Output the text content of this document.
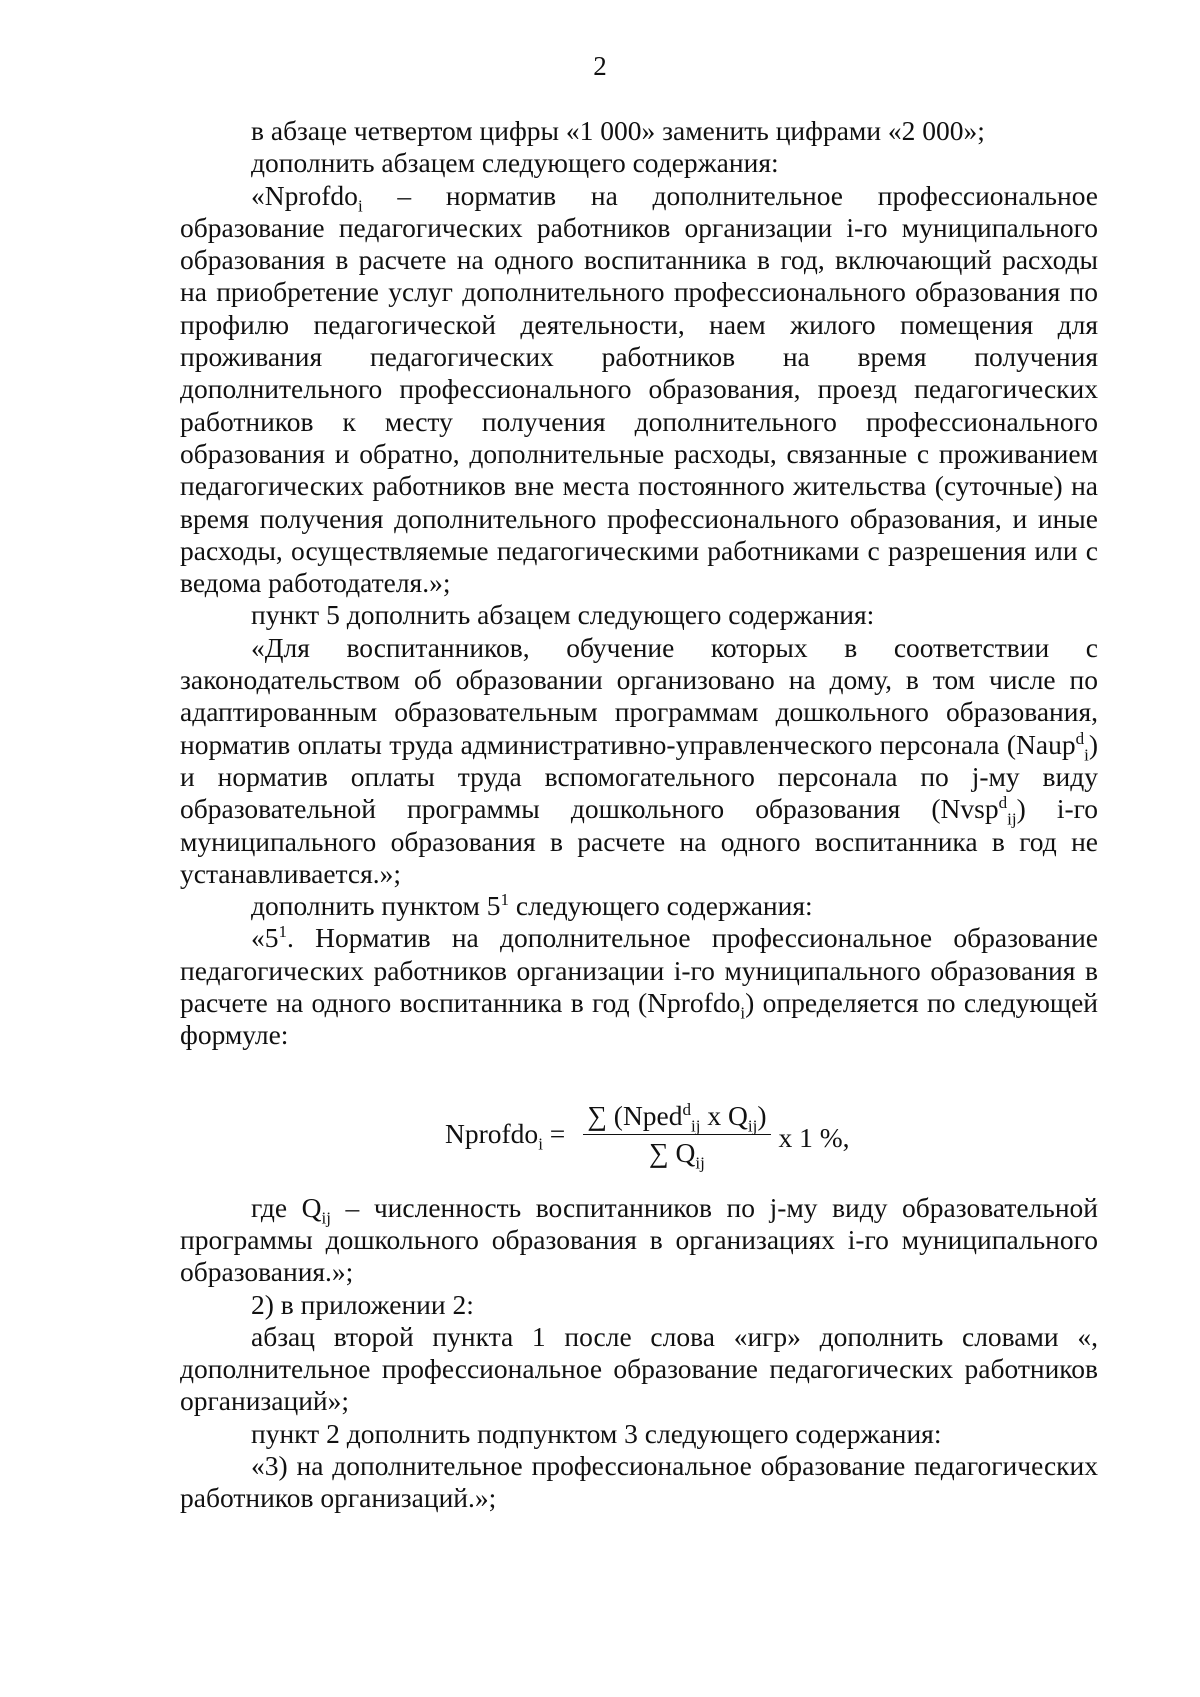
2

в абзаце четвертом цифры «1 000» заменить цифрами «2 000»;

дополнить абзацем следующего содержания:

«Nprofdo$_i$ – норматив на дополнительное профессиональное образование педагогических работников организации i-го муниципального образования в расчете на одного воспитанника в год, включающий расходы на приобретение услуг дополнительного профессионального образования по профилю педагогической деятельности, наем жилого помещения для проживания педагогических работников на время получения дополнительного профессионального образования, проезд педагогических работников к месту получения дополнительного профессионального образования и обратно, дополнительные расходы, связанные с проживанием педагогических работников вне места постоянного жительства (суточные) на время получения дополнительного профессионального образования, и иные расходы, осуществляемые педагогическими работниками с разрешения или с ведома работодателя.»;

пункт 5 дополнить абзацем следующего содержания:

«Для воспитанников, обучение которых в соответствии с законодательством об образовании организовано на дому, в том числе по адаптированным образовательным программам дошкольного образования, норматив оплаты труда административно-управленческого персонала (Naup$^d_i$) и норматив оплаты труда вспомогательного персонала по j-му виду образовательной программы дошкольного образования (Nvsp$^d_{ij}$) i-го муниципального образования в расчете на одного воспитанника в год не устанавливается.»;

дополнить пунктом $5^1$ следующего содержания:

«$5^1$. Норматив на дополнительное профессиональное образование педагогических работников организации i-го муниципального образования в расчете на одного воспитанника в год (Nprofdo$_i$) определяется по следующей формуле:

Nprofdo$_i$ = $\frac{\sum (Nped^d_{ij} x Q_{ij})}{\sum Q_{ij}}$ x 1 %,

где $Q_{ij}$ – численность воспитанников по j-му виду образовательной программы дошкольного образования в организациях i-го муниципального образования.»;

2) в приложении 2:

абзац второй пункта 1 после слова «игр» дополнить словами «, дополнительное профессиональное образование педагогических работников организаций»;

пункт 2 дополнить подпунктом 3 следующего содержания:

«3) на дополнительное профессиональное образование педагогических работников организаций.»;
